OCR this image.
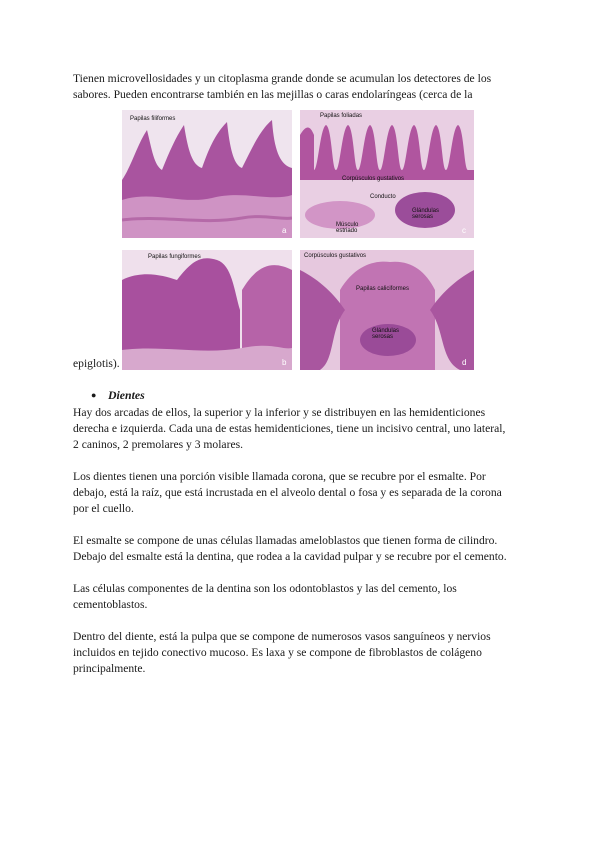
Tienen microvellosidades y un citoplasma grande donde se acumulan los detectores de los

sabores. Pueden encontrarse también en las mejillas o caras endolaríngeas (cerca de la

Papilas filiformes
a
Papilas foliadas
Corpúsculos gustativos
Conducto
Glándulas serosas
Músculo estriado	c
Papilas fungiformes
b
Corpúsculos gustativos
Papilas caliciformes
Glándulas serosas
d

epiglotis).

● Dientes

Hay dos arcadas de ellos, la superior y la inferior y se distribuyen en las hemidenticiones

derecha e izquierda. Cada una de estas hemidenticiones, tiene un incisivo central, uno lateral,

2 caninos, 2 premolares y 3 molares.

Los dientes tienen una porción visible llamada corona, que se recubre por el esmalte. Por

debajo, está la raíz, que está incrustada en el alveolo dental o fosa y es separada de la corona

por el cuello.

El esmalte se compone de unas células llamadas ameloblastos que tienen forma de cilindro.

Debajo del esmalte está la dentina, que rodea a la cavidad pulpar y se recubre por el cemento.

Las células componentes de la dentina son los odontoblastos y las del cemento, los

cementoblastos.

Dentro del diente, está la pulpa que se compone de numerosos vasos sanguíneos y nervios

incluidos en tejido conectivo mucoso. Es laxa y se compone de fibroblastos de colágeno

principalmente.
